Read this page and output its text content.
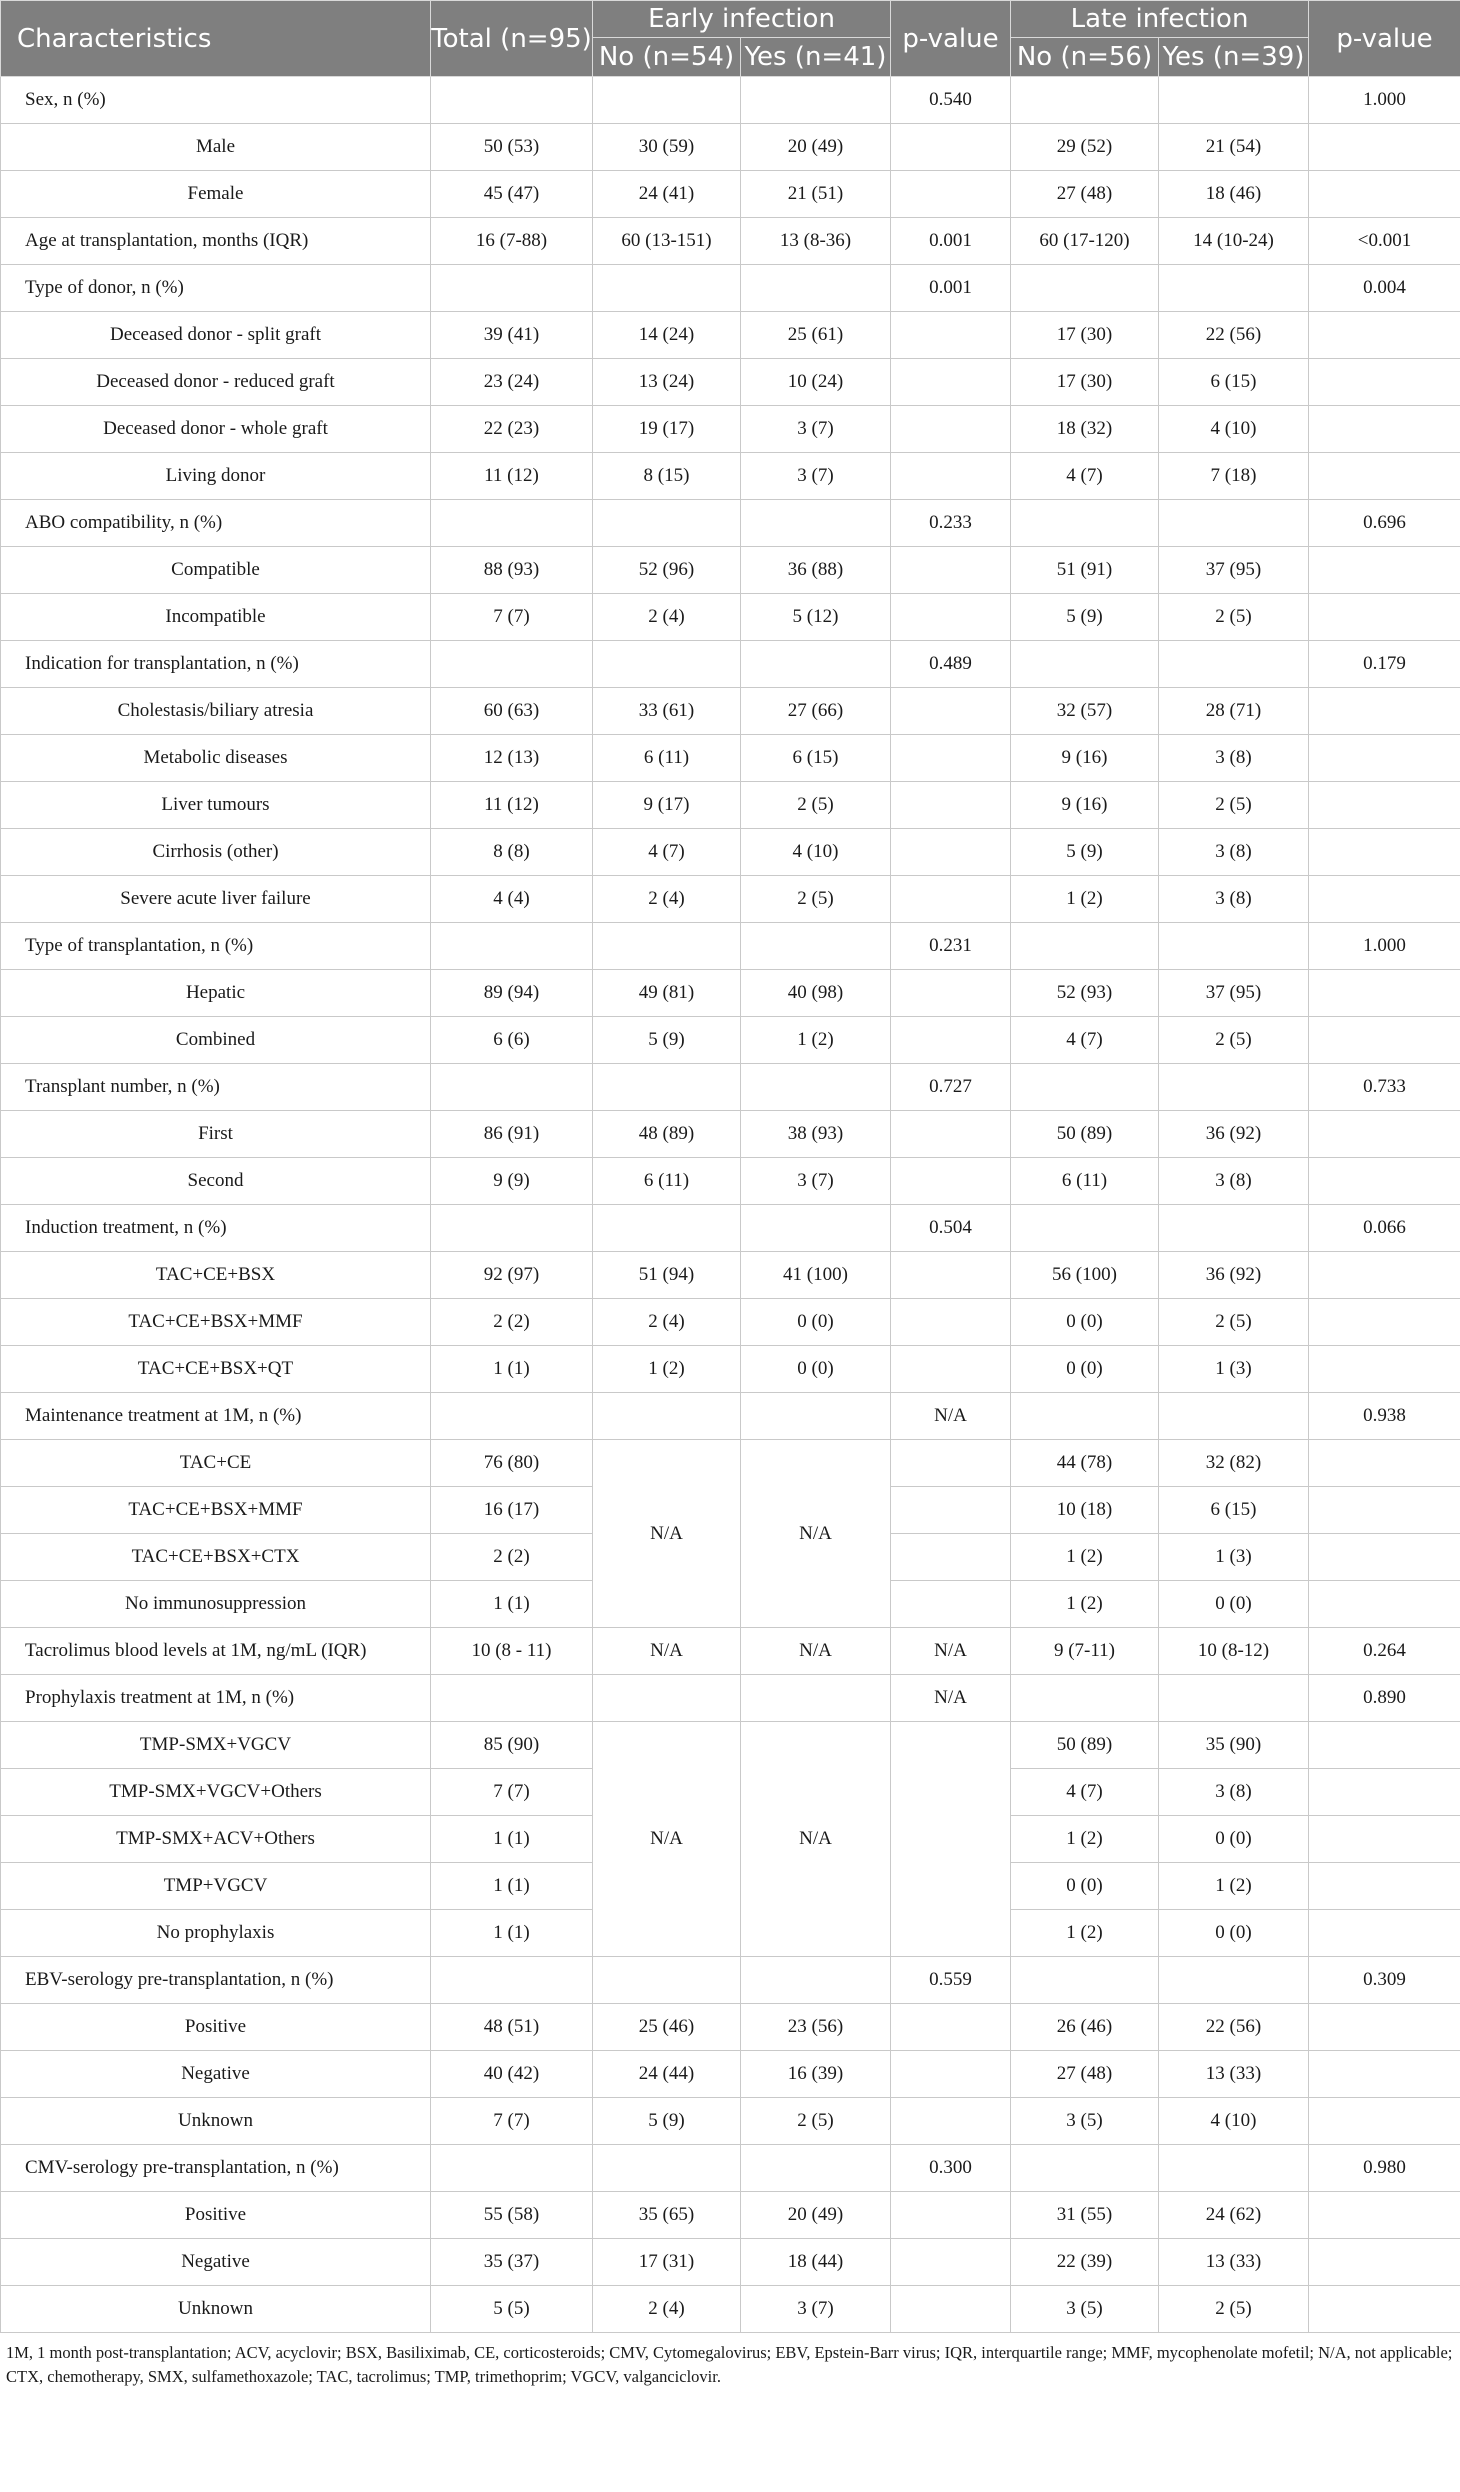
Characteristics	Total (n=95)	Early infection		p-value	Late infection		p-value
		No (n=54)	Yes (n=41)		No (n=56)	Yes (n=39)	
Sex, n (%)				0.540			1.000
Male	50 (53)	30 (59)	20 (49)		29 (52)	21 (54)	
Female	45 (47)	24 (41)	21 (51)		27 (48)	18 (46)	
Age at transplantation, months (IQR)	16 (7-88)	60 (13-151)	13 (8-36)	0.001	60 (17-120)	14 (10-24)	<0.001
Type of donor, n (%)				0.001			0.004
Deceased donor - split graft	39 (41)	14 (24)	25 (61)		17 (30)	22 (56)	
Deceased donor - reduced graft	23 (24)	13 (24)	10 (24)		17 (30)	6 (15)	
Deceased donor - whole graft	22 (23)	19 (17)	3 (7)		18 (32)	4 (10)	
Living donor	11 (12)	8 (15)	3 (7)		4 (7)	7 (18)	
ABO compatibility, n (%)				0.233			0.696
Compatible	88 (93)	52 (96)	36 (88)		51 (91)	37 (95)	
Incompatible	7 (7)	2 (4)	5 (12)		5 (9)	2 (5)	
Indication for transplantation, n (%)				0.489			0.179
Cholestasis/biliary atresia	60 (63)	33 (61)	27 (66)		32 (57)	28 (71)	
Metabolic diseases	12 (13)	6 (11)	6 (15)		9 (16)	3 (8)	
Liver tumours	11 (12)	9 (17)	2 (5)		9 (16)	2 (5)	
Cirrhosis (other)	8 (8)	4 (7)	4 (10)		5 (9)	3 (8)	
Severe acute liver failure	4 (4)	2 (4)	2 (5)		1 (2)	3 (8)	
Type of transplantation, n (%)				0.231			1.000
Hepatic	89 (94)	49 (81)	40 (98)		52 (93)	37 (95)	
Combined	6 (6)	5 (9)	1 (2)		4 (7)	2 (5)	
Transplant number, n (%)				0.727			0.733
First	86 (91)	48 (89)	38 (93)		50 (89)	36 (92)	
Second	9 (9)	6 (11)	3 (7)		6 (11)	3 (8)	
Induction treatment, n (%)				0.504			0.066
TAC+CE+BSX	92 (97)	51 (94)	41 (100)		56 (100)	36 (92)	
TAC+CE+BSX+MMF	2 (2)	2 (4)	0 (0)		0 (0)	2 (5)	
TAC+CE+BSX+QT	1 (1)	1 (2)	0 (0)		0 (0)	1 (3)	
Maintenance treatment at 1M, n (%)				N/A			0.938
TAC+CE	76 (80)	N/A	N/A		44 (78)	32 (82)	
TAC+CE+BSX+MMF	16 (17)				10 (18)	6 (15)	
TAC+CE+BSX+CTX	2 (2)				1 (2)	1 (3)	
No immunosuppression	1 (1)				1 (2)	0 (0)	
Tacrolimus blood levels at 1M, ng/mL (IQR)	10 (8 - 11)	N/A	N/A	N/A	9 (7-11)	10 (8-12)	0.264
Prophylaxis treatment at 1M, n (%)				N/A			0.890
TMP-SMX+VGCV	85 (90)	N/A	N/A		50 (89)	35 (90)	
TMP-SMX+VGCV+Others	7 (7)				4 (7)	3 (8)	
TMP-SMX+ACV+Others	1 (1)				1 (2)	0 (0)	
TMP+VGCV	1 (1)				0 (0)	1 (2)	
No prophylaxis	1 (1)				1 (2)	0 (0)	
EBV-serology pre-transplantation, n (%)				0.559			0.309
Positive	48 (51)	25 (46)	23 (56)		26 (46)	22 (56)	
Negative	40 (42)	24 (44)	16 (39)		27 (48)	13 (33)	
Unknown	7 (7)	5 (9)	2 (5)		3 (5)	4 (10)	
CMV-serology pre-transplantation, n (%)				0.300			0.980
Positive	55 (58)	35 (65)	20 (49)		31 (55)	24 (62)	
Negative	35 (37)	17 (31)	18 (44)		22 (39)	13 (33)	
Unknown	5 (5)	2 (4)	3 (7)		3 (5)	2 (5)	
1M, 1 month post-transplantation; ACV, acyclovir; BSX, Basiliximab, CE, corticosteroids; CMV, Cytomegalovirus; EBV, Epstein-Barr virus; IQR, interquartile range; MMF, mycophenolate mofetil; N/A, not applicable; CTX, chemotherapy, SMX, sulfamethoxazole; TAC, tacrolimus; TMP, trimethoprim; VGCV, valganciclovir.
